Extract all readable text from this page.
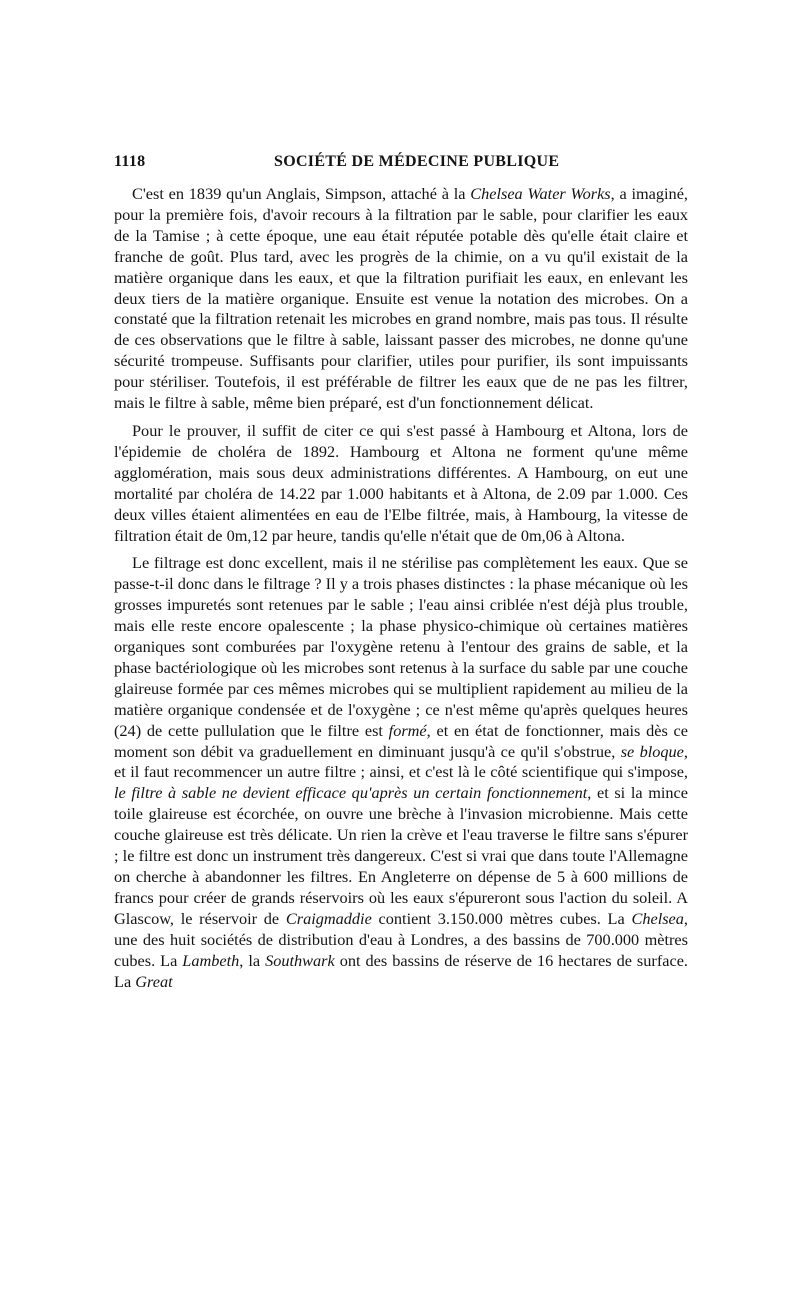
1118	SOCIÉTÉ DE MÉDECINE PUBLIQUE

C'est en 1839 qu'un Anglais, Simpson, attaché à la Chelsea Water Works, a imaginé, pour la première fois, d'avoir recours à la filtration par le sable, pour clarifier les eaux de la Tamise ; à cette époque, une eau était réputée potable dès qu'elle était claire et franche de goût. Plus tard, avec les progrès de la chimie, on a vu qu'il existait de la matière organique dans les eaux, et que la filtration purifiait les eaux, en enlevant les deux tiers de la matière organique. Ensuite est venue la notation des microbes. On a constaté que la filtration retenait les microbes en grand nombre, mais pas tous. Il résulte de ces observations que le filtre à sable, laissant passer des microbes, ne donne qu'une sécurité trompeuse. Suffisants pour clarifier, utiles pour purifier, ils sont impuissants pour stériliser. Toutefois, il est préférable de filtrer les eaux que de ne pas les filtrer, mais le filtre à sable, même bien préparé, est d'un fonctionnement délicat.

Pour le prouver, il suffit de citer ce qui s'est passé à Hambourg et Altona, lors de l'épidemie de choléra de 1892. Hambourg et Altona ne forment qu'une même agglomération, mais sous deux administrations différentes. A Hambourg, on eut une mortalité par choléra de 14.22 par 1.000 habitants et à Altona, de 2.09 par 1.000. Ces deux villes étaient alimentées en eau de l'Elbe filtrée, mais, à Hambourg, la vitesse de filtration était de 0m,12 par heure, tandis qu'elle n'était que de 0m,06 à Altona.

Le filtrage est donc excellent, mais il ne stérilise pas complètement les eaux. Que se passe-t-il donc dans le filtrage ? Il y a trois phases distinctes : la phase mécanique où les grosses impuretés sont retenues par le sable ; l'eau ainsi criblée n'est déjà plus trouble, mais elle reste encore opalescente ; la phase physico-chimique où certaines matières organiques sont comburées par l'oxygène retenu à l'entour des grains de sable, et la phase bactériologique où les microbes sont retenus à la surface du sable par une couche glaireuse formée par ces mêmes microbes qui se multiplient rapidement au milieu de la matière organique condensée et de l'oxygène ; ce n'est même qu'après quelques heures (24) de cette pullulation que le filtre est formé, et en état de fonctionner, mais dès ce moment son débit va graduellement en diminuant jusqu'à ce qu'il s'obstrue, se bloque, et il faut recommencer un autre filtre ; ainsi, et c'est là le côté scientifique qui s'impose, le filtre à sable ne devient efficace qu'après un certain fonctionnement, et si la mince toile glaireuse est écorchée, on ouvre une brèche à l'invasion microbienne. Mais cette couche glaireuse est très délicate. Un rien la crève et l'eau traverse le filtre sans s'épurer ; le filtre est donc un instrument très dangereux. C'est si vrai que dans toute l'Allemagne on cherche à abandonner les filtres. En Angleterre on dépense de 5 à 600 millions de francs pour créer de grands réservoirs où les eaux s'épureront sous l'action du soleil. A Glascow, le réservoir de Craigmaddie contient 3.150.000 mètres cubes. La Chelsea, une des huit sociétés de distribution d'eau à Londres, a des bassins de 700.000 mètres cubes. La Lambeth, la Southwark ont des bassins de réserve de 16 hectares de surface. La Great
